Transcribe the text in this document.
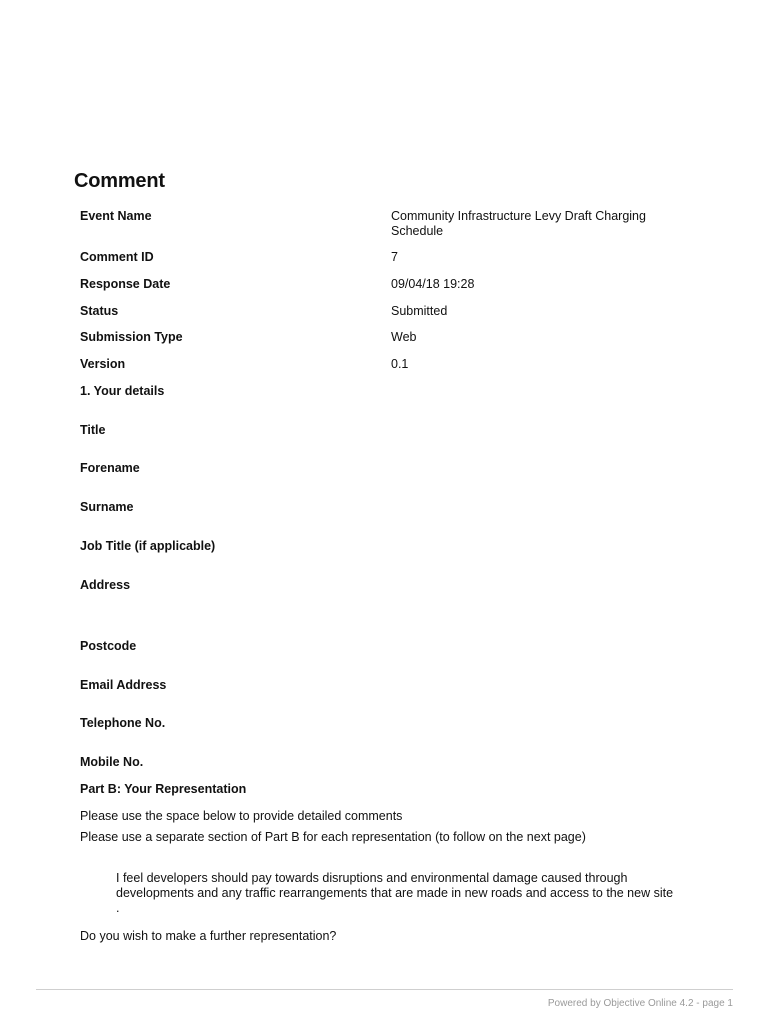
Comment
Event Name	Community Infrastructure Levy Draft Charging Schedule
Comment ID	7
Response Date	09/04/18 19:28
Status	Submitted
Submission Type	Web
Version	0.1
1. Your details
Title
Forename
Surname
Job Title (if applicable)
Address
Postcode
Email Address
Telephone No.
Mobile No.
Part B: Your Representation
Please use the space below to provide detailed comments
Please use a separate section of Part B for each representation (to follow on the next page)
I feel developers should pay towards disruptions and environmental damage caused through
developments and any traffic rearrangements that are made in new roads and access to the new site
.
Do you wish to make a further representation?
Powered by Objective Online 4.2 - page 1
